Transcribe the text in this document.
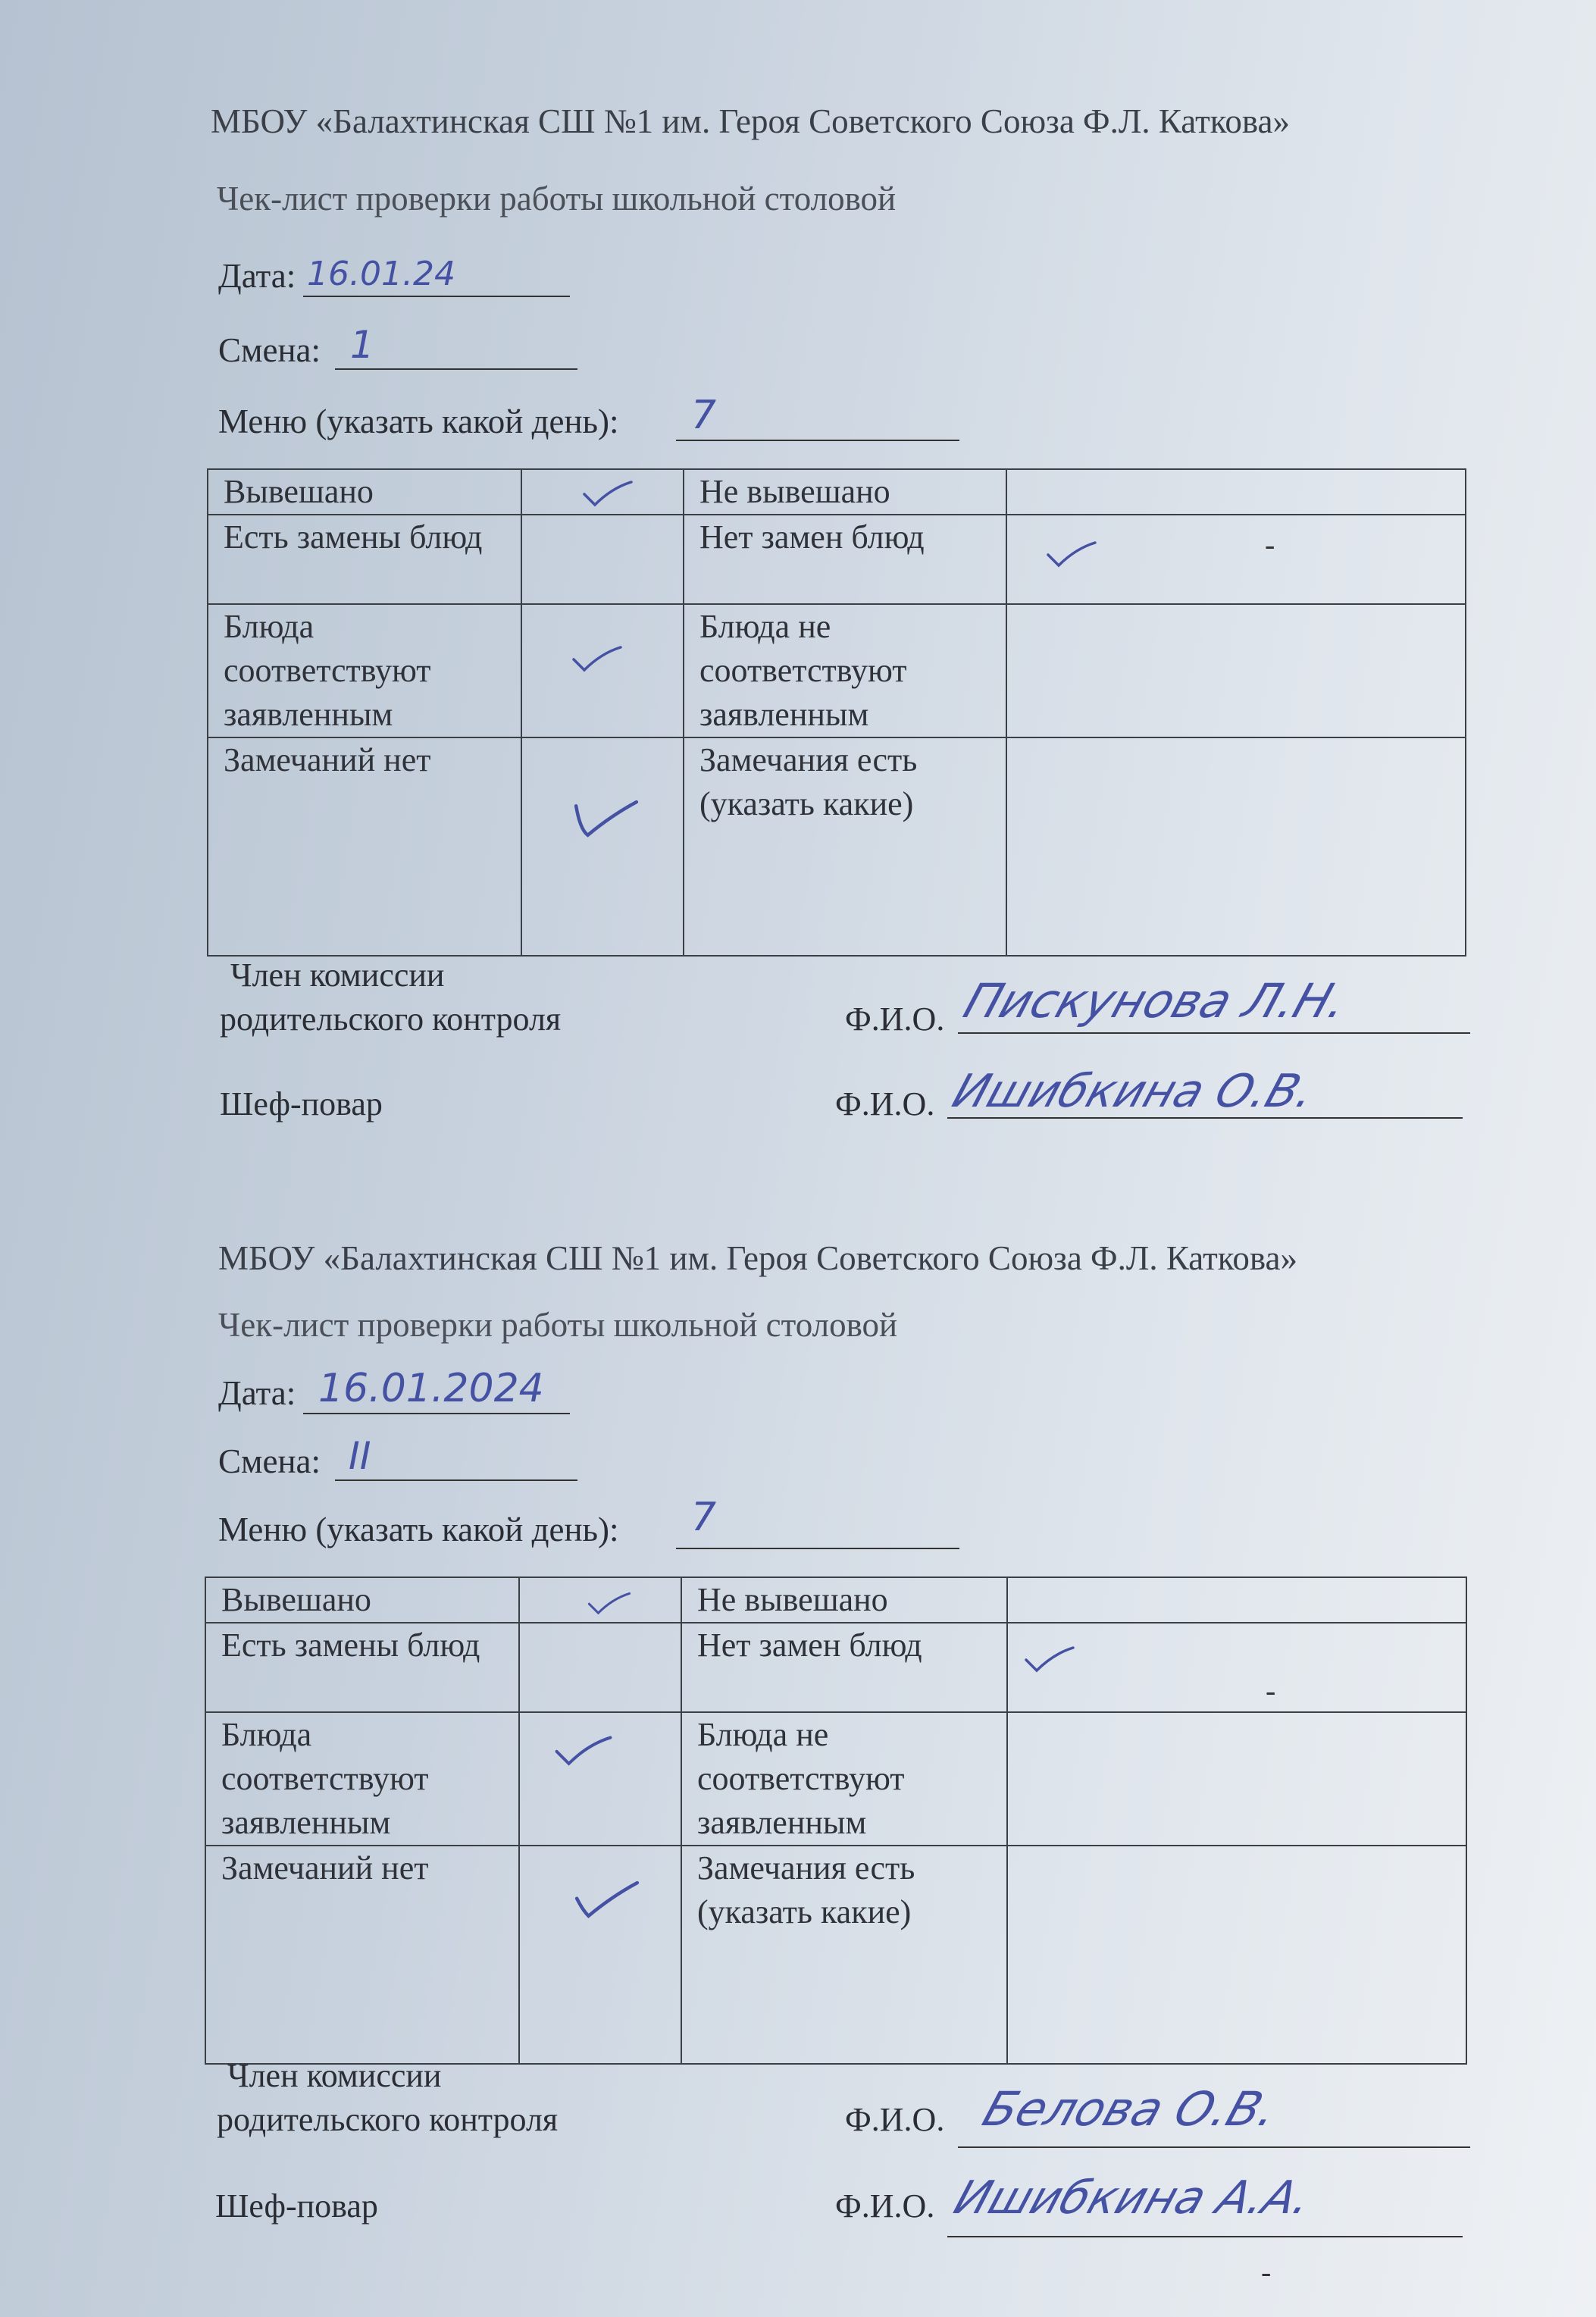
МБОУ «Балахтинская СШ №1 им. Героя Советского Союза Ф.Л. Каткова»
Чек-лист проверки работы школьной столовой
Дата: 16.01.24
Смена: 1
Меню (указать какой день): 7
Вывешано		Не вывешано	
Есть замены блюд		Нет замен блюд	-

Блюда соответствуют заявленным		Блюда не соответствуют заявленным	
Замечаний нет		Замечания есть (указать какие)	
Член комиссии
родительского контроля	Ф.И.О. Пискунова Л.Н.
Шеф-повар	Ф.И.О. Ишибкина О.В.
МБОУ «Балахтинская СШ №1 им. Героя Советского Союза Ф.Л. Каткова»
Чек-лист проверки работы школьной столовой
Дата: 16.01.2024
Смена: II
Меню (указать какой день): 7
Вывешано		Не вывешано	
Есть замены блюд		Нет замен блюд	-

Блюда соответствуют заявленным		Блюда не соответствуют заявленным	
Замечаний нет		Замечания есть (указать какие)	
Член комиссии
родительского контроля	Ф.И.О. Белова О.В.
Шеф-повар	Ф.И.О. Ишибкина А.А.
-
